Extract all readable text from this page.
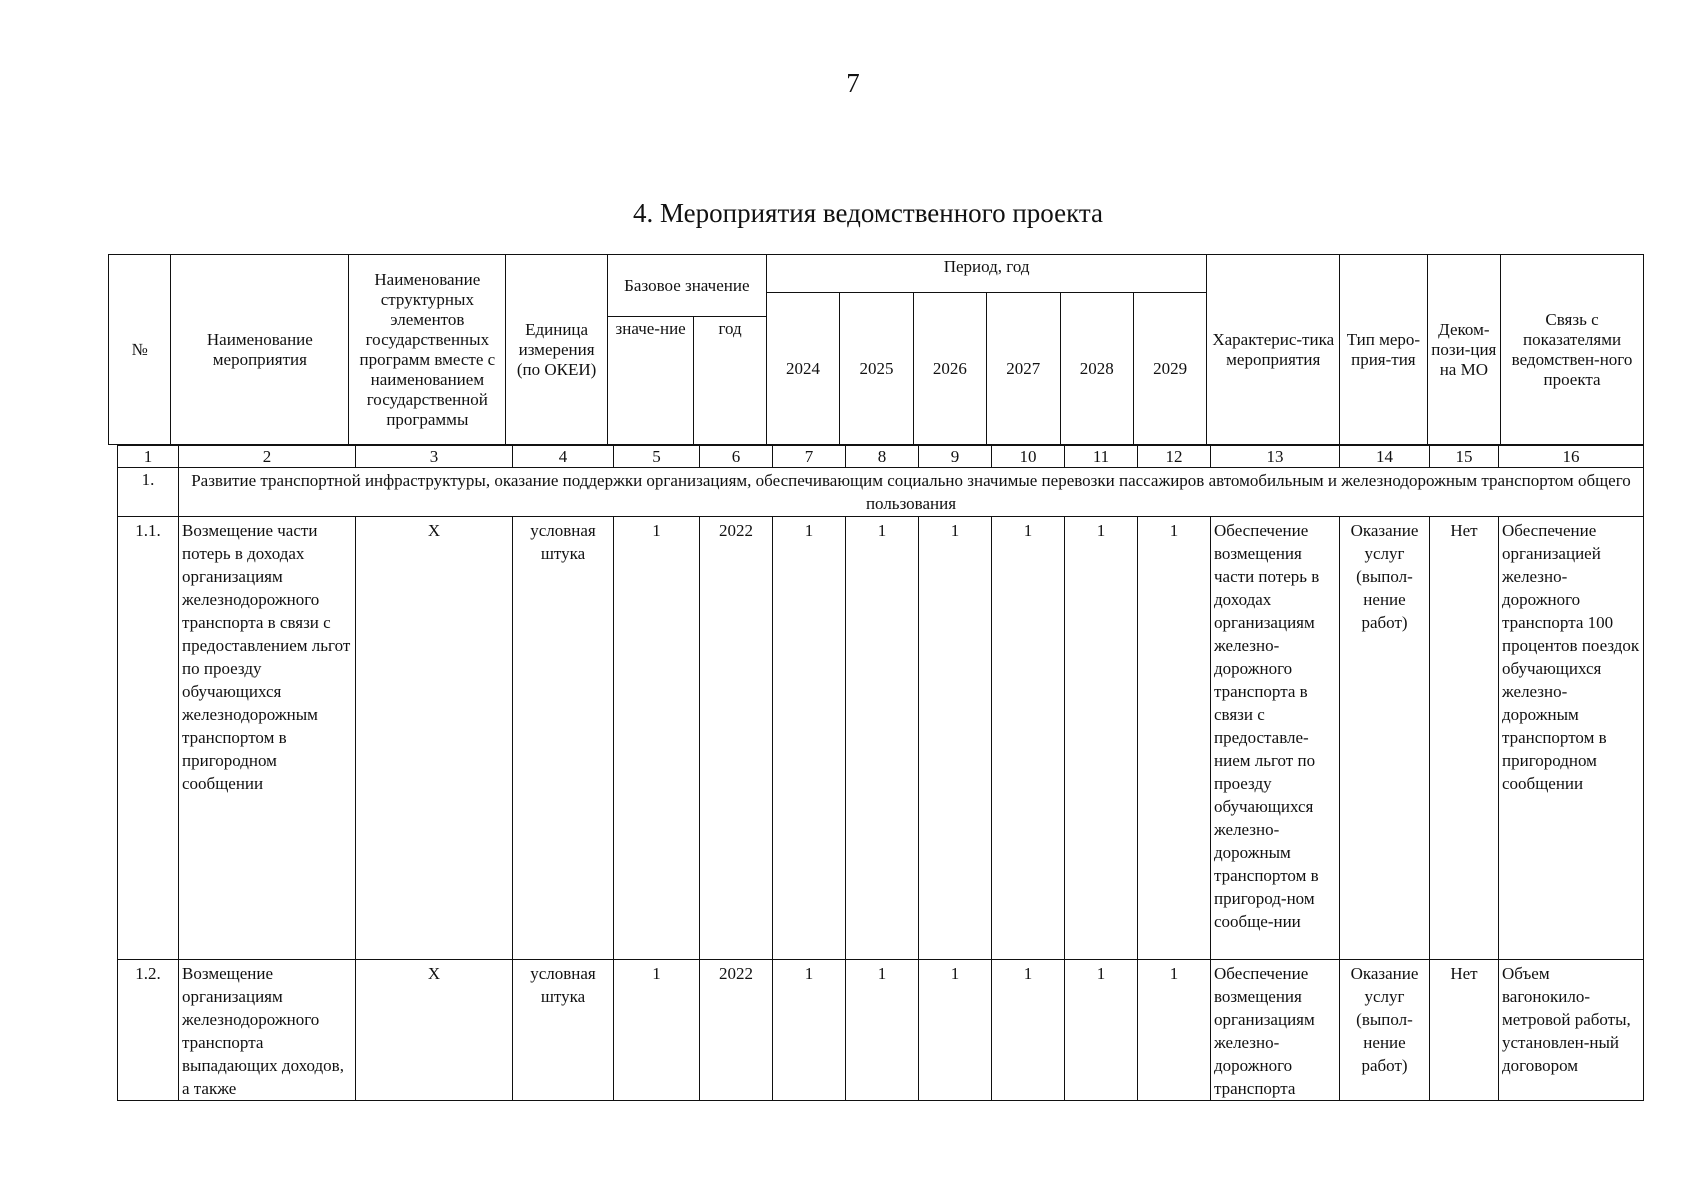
7
4. Мероприятия ведомственного проекта
№	Наименование мероприятия	Наименование структурных элементов государственных программ вместе с наименованием государственной программы	Единица измерения (по ОКЕИ)	Базовое значение		Период, год						Характерис-тика мероприятия	Тип меро-прия-тия	Деком-пози-ция на МО	Связь с показателями ведомствен-ного проекта
						2024	2025	2026	2027	2028	2029				
				значе-ние	год										
1	2	3	4	5	6	7	8	9	10	11	12	13	14	15	16
1.	Развитие транспортной инфраструктуры, оказание поддержки организациям, обеспечивающим социально значимые перевозки пассажиров автомобильным и железнодорожным транспортом общего пользования														
1.1.	Возмещение части потерь в доходах организациям железнодорожного транспорта в связи с предоставлением льгот по проезду обучающихся железнодорожным транспортом в пригородном сообщении	X	условная штука	1	2022	1	1	1	1	1	1	Обеспечение возмещения части потерь в доходах организациям железно-дорожного транспорта в связи с предоставле-нием льгот по проезду обучающихся железно-дорожным транспортом в пригород-ном сообще-нии	Оказание услуг (выпол-нение работ)	Нет	Обеспечение организацией железно-дорожного транспорта 100 процентов поездок обучающихся железно-дорожным транспортом в пригородном сообщении
1.2.	Возмещение организациям железнодорожного транспорта выпадающих доходов, а также	X	условная штука	1	2022	1	1	1	1	1	1	Обеспечение возмещения организациям железно-дорожного транспорта	Оказание услуг (выпол-нение работ)	Нет	Объем вагонокило-метровой работы, установлен-ный договором
